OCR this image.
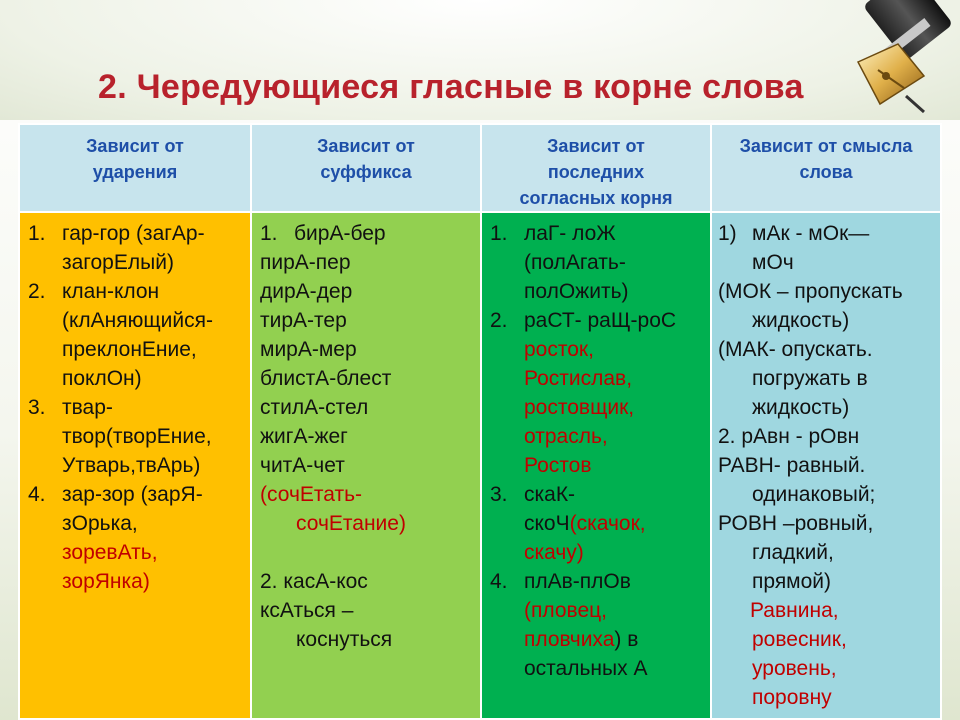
2. Чередующиеся гласные в корне слова
Зависит от
ударения
Зависит от
суффикса
Зависит от
последних
согласных корня
Зависит от смысла
слова
1. гар-гор (загАр-
загорЕлый)
2. клан-клон
(клАняющийся-
преклонЕние,
поклОн)
3. твар-
твор(творЕние,
Утварь,твАрь)
4. зар-зор (зарЯ-
зОрька,
зоревАть,
зорЯнка)
1. бирА-бер
пирА-пер
дирА-дер
тирА-тер
мирА-мер
блистА-блест
стилА-стел
жигА-жег
читА-чет
(сочЕтать-
сочЕтание)
2. касА-кос
ксАться –
коснуться
1. лаГ- лоЖ
(полАгать-
полОжить)
2. раСТ- раЩ-роС
росток,
Ростислав,
ростовщик,
отрасль,
Ростов
3. скаК-
скоЧ(скачок,
скачу)
4. плАв-плОв
(пловец,
пловчиха) в
остальных А
1) мАк - мОк—
мОч
(МОК – пропускать
жидкость)
(МАК- опускать.
погружать в
жидкость)
2. рАвн - рОвн
РАВН- равный.
одинаковый;
РОВН –ровный,
гладкий,
прямой)
Равнина,
ровесник,
уровень,
поровну
